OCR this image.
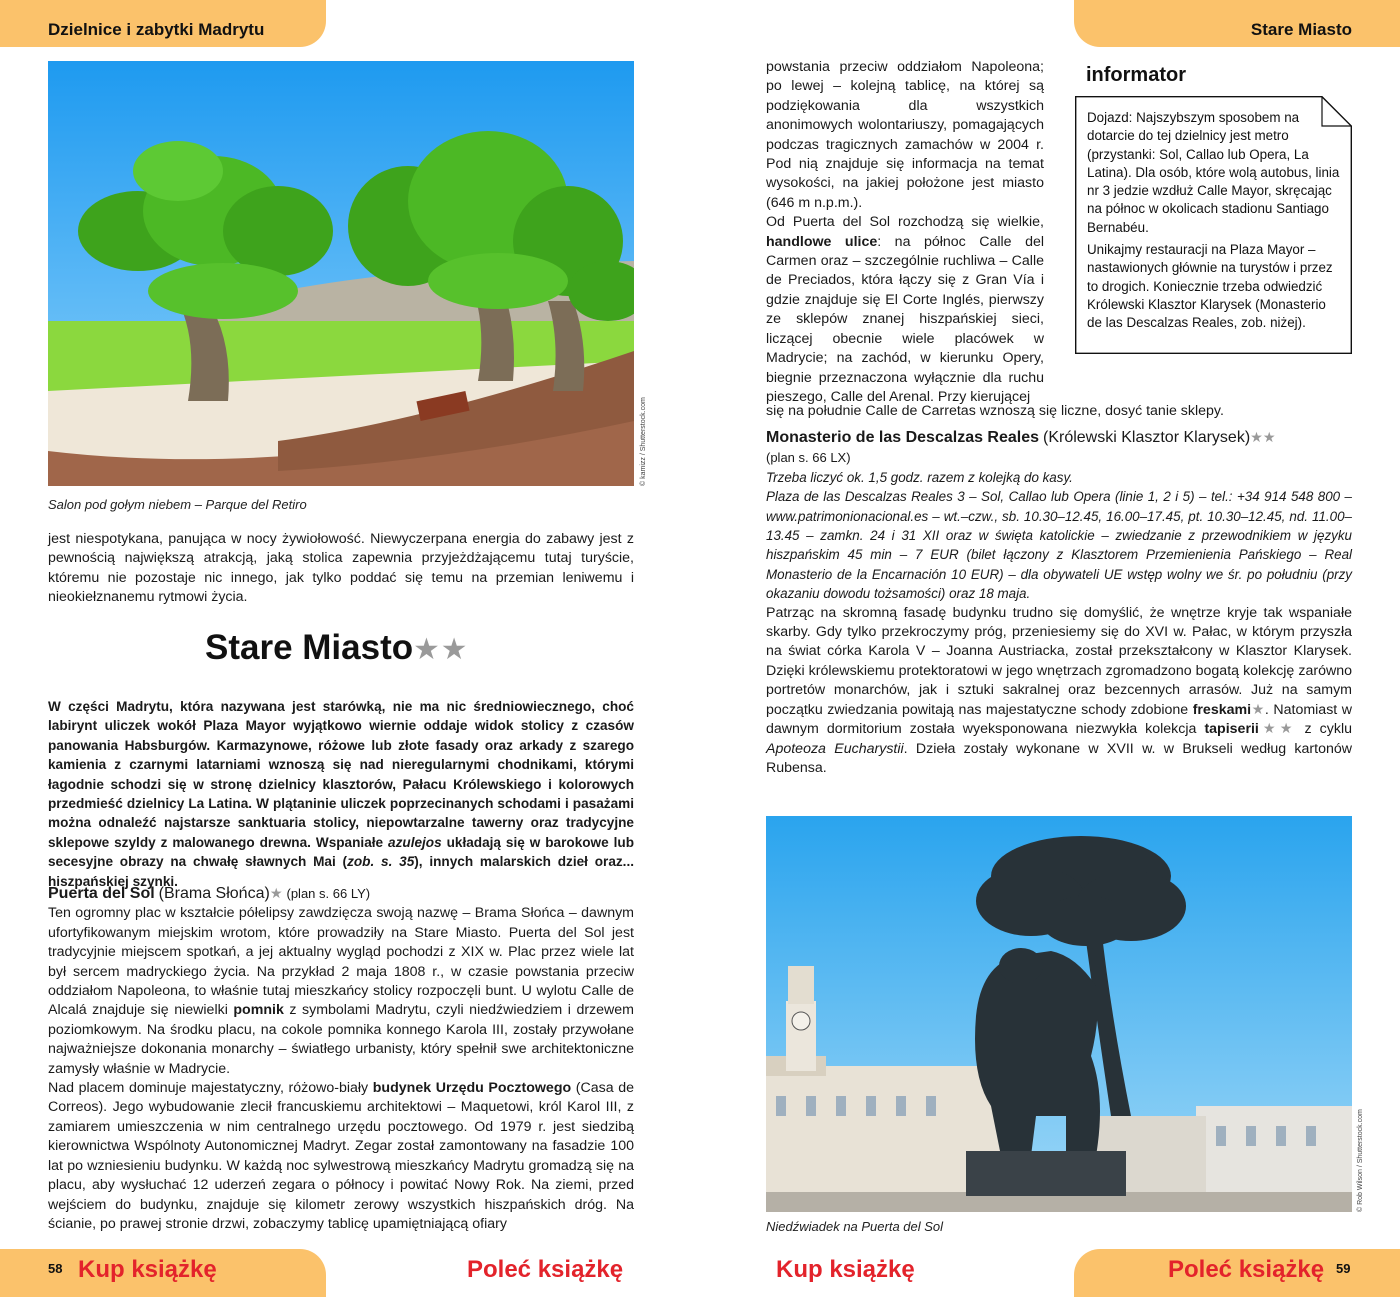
Dzielnice i zabytki Madrytu	Stare Miasto
© kamizz / Shutterstock.com
Salon pod gołym niebem – Parque del Retiro

jest niespotykana, panująca w nocy żywiołowość. Niewyczerpana energia do zabawy jest z pewnością największą atrakcją, jaką stolica zapewnia przyjeżdżającemu tutaj turyście, któremu nie pozostaje nic innego, jak tylko poddać się temu na przemian leniwemu i nieokiełznanemu rytmowi życia.

Stare Miasto★★

W części Madrytu, która nazywana jest starówką, nie ma nic średniowiecznego, choć labirynt uliczek wokół Plaza Mayor wyjątkowo wiernie oddaje widok stolicy z czasów panowania Habsburgów. Karmazynowe, różowe lub złote fasady oraz arkady z szarego kamienia z czarnymi latarniami wznoszą się nad nieregularnymi chodnikami, którymi łagodnie schodzi się w stronę dzielnicy klasztorów, Pałacu Królewskiego i kolorowych przedmieść dzielnicy La Latina. W plątaninie uliczek poprzecinanych schodami i pasażami można odnaleźć najstarsze sanktuaria stolicy, niepowtarzalne tawerny oraz tradycyjne sklepowe szyldy z malowanego drewna. Wspaniałe azulejos układają się w barokowe lub secesyjne obrazy na chwałę sławnych Mai (zob. s. 35), innych malarskich dzieł oraz... hiszpańskiej szynki.

Puerta del Sol (Brama Słońca)★ (plan s. 66 LY)

Ten ogromny plac w kształcie półelipsy zawdzięcza swoją nazwę – Brama Słońca – dawnym ufortyfikowanym miejskim wrotom, które prowadziły na Stare Miasto. Puerta del Sol jest tradycyjnie miejscem spotkań, a jej aktualny wygląd pochodzi z XIX w. Plac przez wiele lat był sercem madryckiego życia. Na przykład 2 maja 1808 r., w czasie powstania przeciw oddziałom Napoleona, to właśnie tutaj mieszkańcy stolicy rozpoczęli bunt. U wylotu Calle de Alcalá znajduje się niewielki pomnik z symbolami Madrytu, czyli niedźwiedziem i drzewem poziomkowym. Na środku placu, na cokole pomnika konnego Karola III, zostały przywołane najważniejsze dokonania monarchy – światłego urbanisty, który spełnił swe architektoniczne zamysły właśnie w Madrycie.

Nad placem dominuje majestatyczny, różowo-biały budynek Urzędu Pocztowego (Casa de Correos). Jego wybudowanie zlecił francuskiemu architektowi – Maquetowi, król Karol III, z zamiarem umieszczenia w nim centralnego urzędu pocztowego. Od 1979 r. jest siedzibą kierownictwa Wspólnoty Autonomicznej Madryt. Zegar został zamontowany na fasadzie 100 lat po wzniesieniu budynku. W każdą noc sylwestrową mieszkańcy Madrytu gromadzą się na placu, aby wysłuchać 12 uderzeń zegara o północy i powitać Nowy Rok. Na ziemi, przed wejściem do budynku, znajduje się kilometr zerowy wszystkich hiszpańskich dróg. Na ścianie, po prawej stronie drzwi, zobaczymy tablicę upamiętniającą ofiary

powstania przeciw oddziałom Napoleona; po lewej – kolejną tablicę, na której są podziękowania dla wszystkich anonimowych wolontariuszy, pomagających podczas tragicznych zamachów w 2004 r. Pod nią znajduje się informacja na temat wysokości, na jakiej położone jest miasto (646 m n.p.m.).

Od Puerta del Sol rozchodzą się wielkie, handlowe ulice: na północ Calle del Carmen oraz – szczególnie ruchliwa – Calle de Preciados, która łączy się z Gran Vía i gdzie znajduje się El Corte Inglés, pierwszy ze sklepów znanej hiszpańskiej sieci, liczącej obecnie wiele placówek w Madrycie; na zachód, w kierunku Opery, biegnie przeznaczona wyłącznie dla ruchu pieszego, Calle del Arenal. Przy kierującej

się na południe Calle de Carretas wznoszą się liczne, dosyć tanie sklepy.

informator

Dojazd: Najszybszym sposobem na dotarcie do tej dzielnicy jest metro (przystanki: Sol, Callao lub Opera, La Latina). Dla osób, które wolą autobus, linia nr 3 jedzie wzdłuż Calle Mayor, skręcając na północ w okolicach stadionu Santiago Bernabéu.

Unikajmy restauracji na Plaza Mayor – nastawionych głównie na turystów i przez to drogich. Koniecznie trzeba odwiedzić Królewski Klasztor Klarysek (Monasterio de las Descalzas Reales, zob. niżej).

Monasterio de las Descalzas Reales (Królewski Klasztor Klarysek)★★

(plan s. 66 LX)

Trzeba liczyć ok. 1,5 godz. razem z kolejką do kasy.

Plaza de las Descalzas Reales 3 – Sol, Callao lub Opera (linie 1, 2 i 5) – tel.: +34 914 548 800 – www.patrimonionacional.es – wt.–czw., sb. 10.30–12.45, 16.00–17.45, pt. 10.30–12.45, nd. 11.00–13.45 – zamkn. 24 i 31 XII oraz w święta katolickie – zwiedzanie z przewodnikiem w języku hiszpańskim 45 min – 7 EUR (bilet łączony z Klasztorem Przemienienia Pańskiego – Real Monasterio de la Encarnación 10 EUR) – dla obywateli UE wstęp wolny we śr. po południu (przy okazaniu dowodu tożsamości) oraz 18 maja.

Patrząc na skromną fasadę budynku trudno się domyślić, że wnętrze kryje tak wspaniałe skarby. Gdy tylko przekroczymy próg, przeniesiemy się do XVI w. Pałac, w którym przyszła na świat córka Karola V – Joanna Austriacka, został przekształcony w Klasztor Klarysek. Dzięki królewskiemu protektoratowi w jego wnętrzach zgromadzono bogatą kolekcję zarówno portretów monarchów, jak i sztuki sakralnej oraz bezcennych arrasów. Już na samym początku zwiedzania powitają nas majestatyczne schody zdobione freskami★. Natomiast w dawnym dormitorium została wyeksponowana niezwykła kolekcja tapiserii★★ z cyklu Apoteoza Eucharystii. Dzieła zostały wykonane w XVII w. w Brukseli według kartonów Rubensa.

© Rob Wilson / Shutterstock.com
Niedźwiadek na Puerta del Sol
58	59
Kup książkę	Poleć książkę	Kup książkę	Poleć książkę
